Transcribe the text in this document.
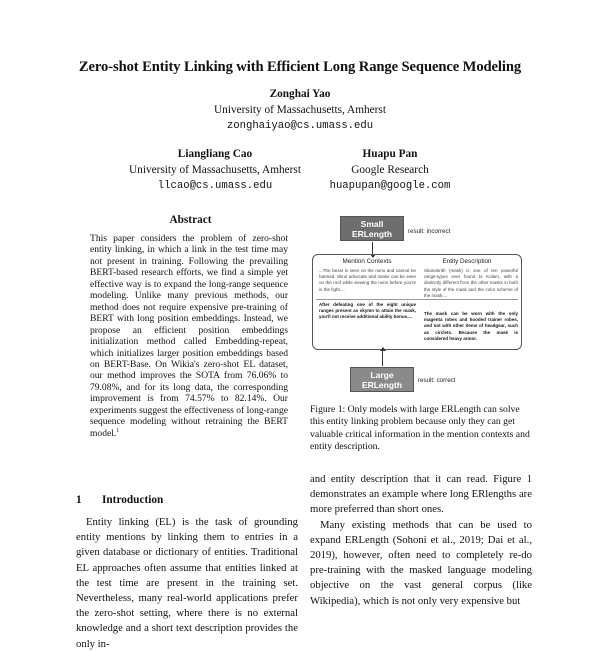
Zero-shot Entity Linking with Efficient Long Range Sequence Modeling
Zonghai Yao
University of Massachusetts, Amherst
zonghaiyao@cs.umass.edu
Liangliang Cao
University of Massachusetts, Amherst
llcao@cs.umass.edu
Huapu Pan
Google Research
huapupan@google.com
Abstract
This paper considers the problem of zero-shot entity linking, in which a link in the test time may not present in training. Following the prevailing BERT-based research efforts, we find a simple yet effective way is to expand the long-range sequence modeling. Unlike many previous methods, our method does not require expensive pre-training of BERT with long position embeddings. Instead, we propose an efficient position embeddings initialization method called Embedding-repeat, which initializes larger position embeddings based on BERT-Base. On Wikia's zero-shot EL dataset, our method improves the SOTA from 76.06% to 79.08%, and for its long data, the corresponding improvement is from 74.57% to 82.14%. Our experiments suggest the effectiveness of long-range sequence modeling without retraining the BERT model.$^1$
1 Introduction

Entity linking (EL) is the task of grounding entity mentions by linking them to entries in a given database or dictionary of entities. Traditional EL approaches often assume that entities linked at the test time are present in the training set. Nevertheless, many real-world applications prefer the zero-shot setting, where there is no external knowledge and a short text description provides the only in-

and entity description that it can read. Figure 1 demonstrates an example where long ERlengths are more preferred than short ones.

Many existing methods that can be used to expand ERLength (Sohoni et al., 2019; Dai et al., 2019), however, often need to completely re-do pre-training with the masked language modeling objective on the vast general corpus (like Wikipedia), which is not only very expensive but

Small
ERLength	result: incorrect
Mention Contexts	Entity Description
...The beast is seen on the ruins and cannot be harmed. Skrul advocate and snake can be seen on the roof while viewing the ruins before you're in the fight....
After defeating one of the eight unique ranges present as skymn to attain the mask, you'll not receive additional ability bonus....
Skandorith (mask) is one of ten powerful range-types ever found to Kolam, with a distinctly different from the other masks in both the style of the mask and the color scheme of the mask....
The mask can be worn with the only magenta robes and hooded trainer robes, and not with other items of headgear, such as circlets. Because the mask is considered heavy armor.
Large
ERLength	result: correct
Figure 1: Only models with large ERLength can solve this entity linking problem because only they can get valuable critical information in the mention contexts and entity description.
